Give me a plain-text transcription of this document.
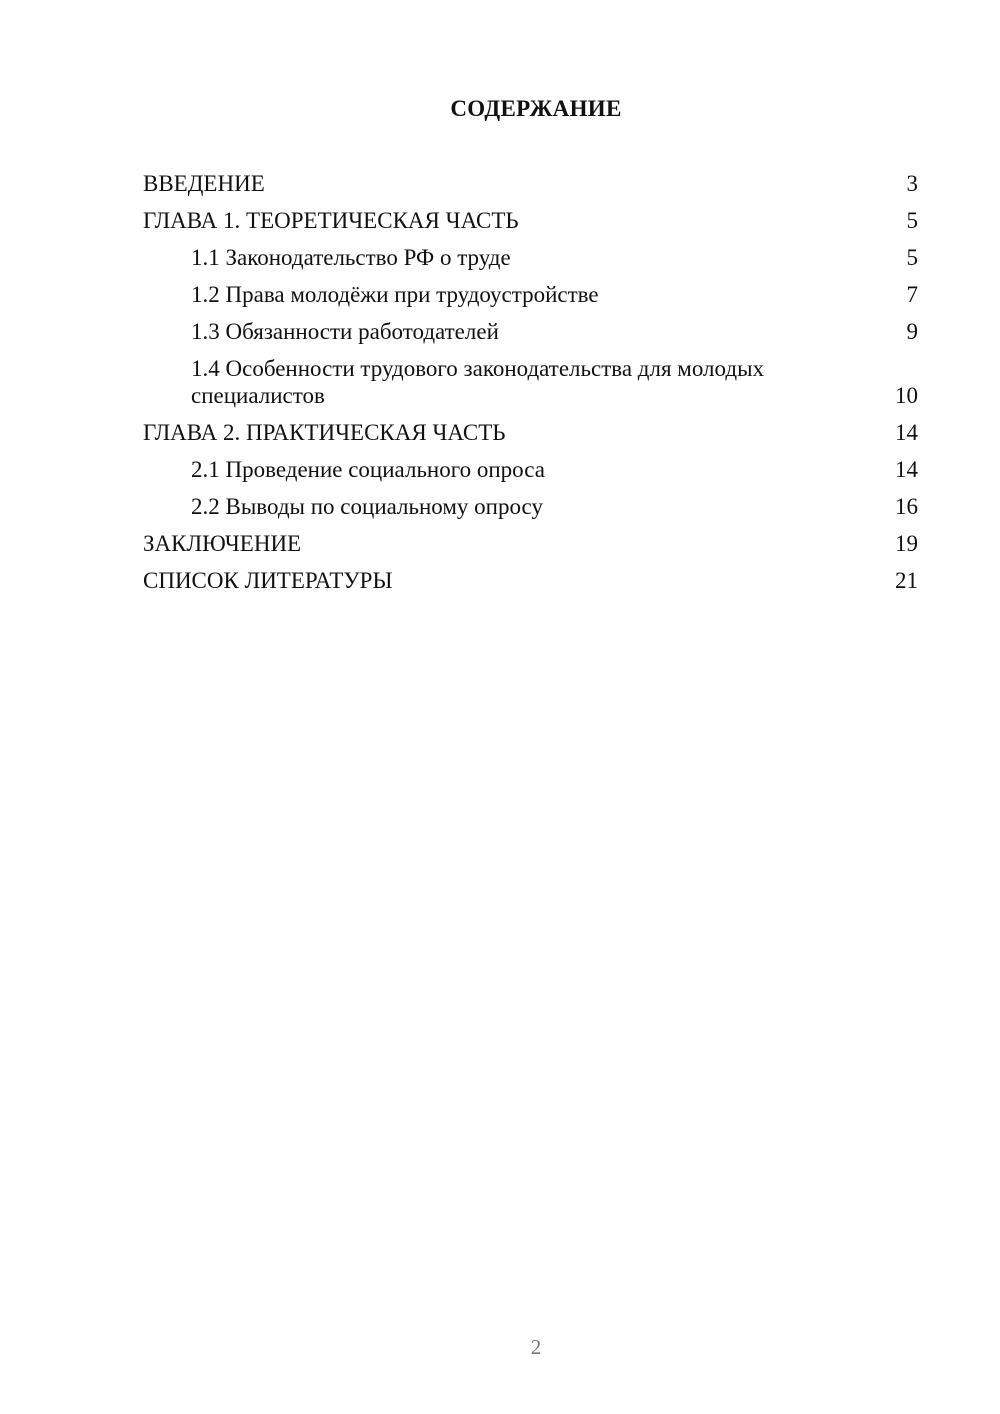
СОДЕРЖАНИЕ
ВВЕДЕНИЕ	3
ГЛАВА 1. ТЕОРЕТИЧЕСКАЯ ЧАСТЬ	5
1.1 Законодательство РФ о труде	5
1.2 Права молодёжи при трудоустройстве	7
1.3 Обязанности работодателей	9
1.4 Особенности трудового законодательства для молодых специалистов	10
ГЛАВА 2. ПРАКТИЧЕСКАЯ ЧАСТЬ	14
2.1 Проведение социального опроса	14
2.2 Выводы по социальному опросу	16
ЗАКЛЮЧЕНИЕ	19
СПИСОК ЛИТЕРАТУРЫ	21
2
